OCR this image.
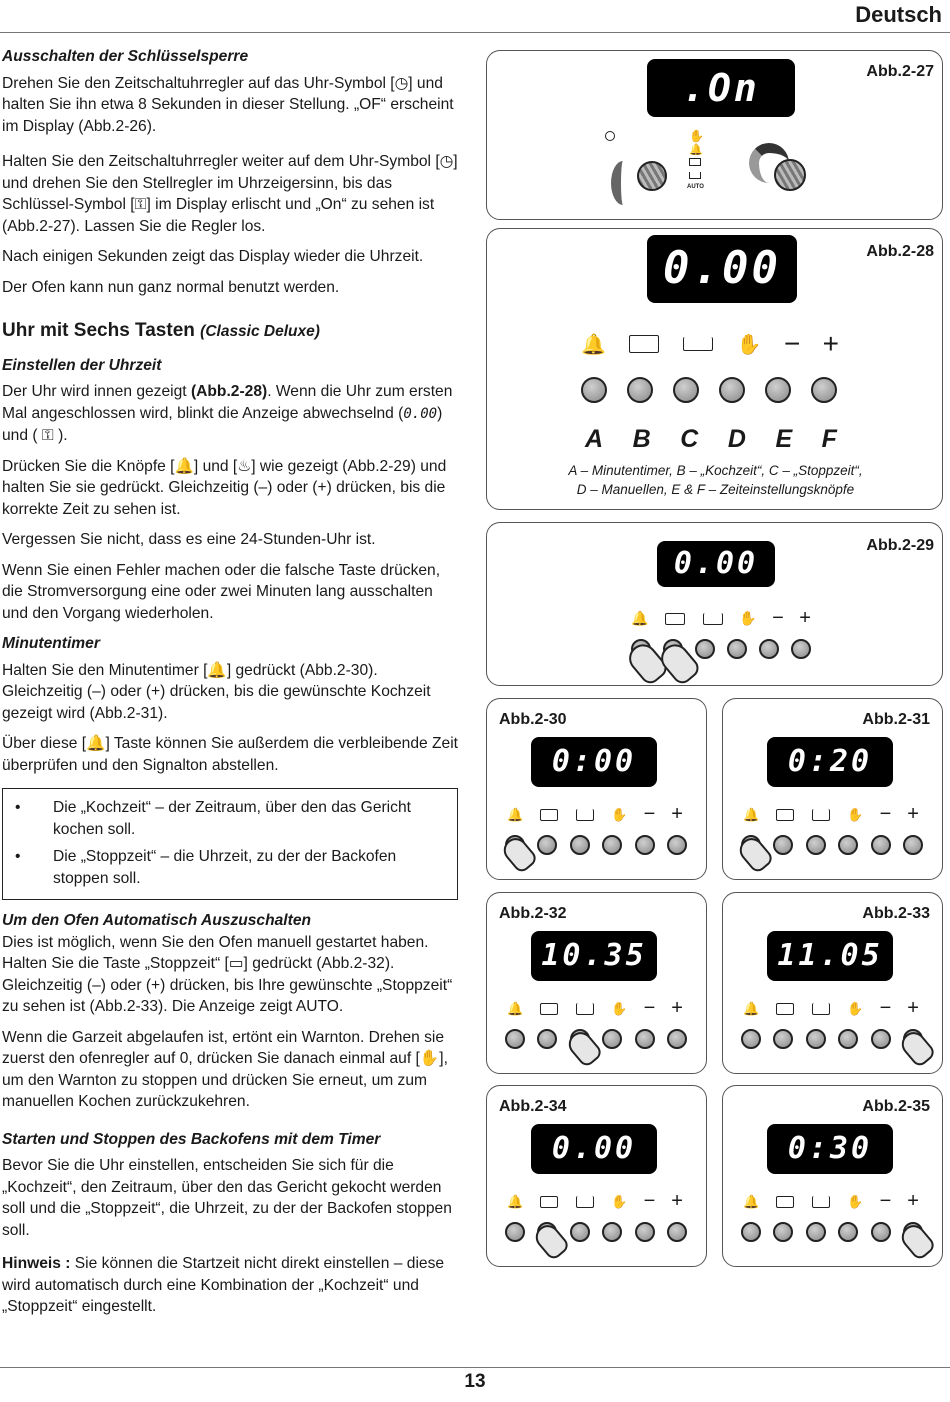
Deutsch
Ausschalten der Schlüsselsperre

Drehen Sie den Zeitschaltuhrregler auf das Uhr-Symbol [◷] und halten Sie ihn etwa 8 Sekunden in dieser Stellung. „OF“ erscheint im Display (Abb.2-26).

Halten Sie den Zeitschaltuhrregler weiter auf dem Uhr-Symbol [◷] und drehen Sie den Stellregler im Uhrzeigersinn, bis das Schlüssel-Symbol [⚿] im Display erlischt und „On“ zu sehen ist (Abb.2-27). Lassen Sie die Regler los.

Nach einigen Sekunden zeigt das Display wieder die Uhrzeit.

Der Ofen kann nun ganz normal benutzt werden.

Uhr mit Sechs Tasten (Classic Deluxe)
Einstellen der Uhrzeit

Der Uhr wird innen gezeigt (Abb.2-28). Wenn die Uhr zum ersten Mal angeschlossen wird, blinkt die Anzeige abwechselnd (0.00) und ( ⚿ ).

Drücken Sie die Knöpfe [🔔] und [♨] wie gezeigt (Abb.2-29) und halten Sie sie gedrückt. Gleichzeitig (–) oder (+) drücken, bis die korrekte Zeit zu sehen ist.

Vergessen Sie nicht, dass es eine 24-Stunden-Uhr ist.

Wenn Sie einen Fehler machen oder die falsche Taste drücken, die Stromversorgung eine oder zwei Minuten lang ausschalten und den Vorgang wiederholen.

Minutentimer

Halten Sie den Minutentimer [🔔] gedrückt (Abb.2-30). Gleichzeitig (–) oder (+) drücken, bis die gewünschte Kochzeit gezeigt wird (Abb.2-31).

Über diese [🔔] Taste können Sie außerdem die verbleibende Zeit überprüfen und den Signalton abstellen.

• Die „Kochzeit“ – der Zeitraum, über den das Gericht kochen soll.
• Die „Stoppzeit“ – die Uhrzeit, zu der der Backofen stoppen soll.
Um den Ofen Automatisch Auszuschalten

Dies ist möglich, wenn Sie den Ofen manuell gestartet haben. Halten Sie die Taste „Stoppzeit“ [▭] gedrückt (Abb.2-32). Gleichzeitig (–) oder (+) drücken, bis Ihre gewünschte „Stoppzeit“ zu sehen ist (Abb.2-33). Die Anzeige zeigt AUTO.

Wenn die Garzeit abgelaufen ist, ertönt ein Warnton. Drehen sie zuerst den ofenregler auf 0, drücken Sie danach einmal auf [✋], um den Warnton zu stoppen und drücken Sie erneut, um zum manuellen Kochen zurückzukehren.

Starten und Stoppen des Backofens mit dem Timer

Bevor Sie die Uhr einstellen, entscheiden Sie sich für die „Kochzeit“, den Zeitraum, über den das Gericht gekocht werden soll und die „Stoppzeit“, die Uhrzeit, zu der der Backofen stoppen soll.

Hinweis : Sie können die Startzeit nicht direkt einstellen – diese wird automatisch durch eine Kombination der „Kochzeit“ und „Stoppzeit“ eingestellt.

Abb.2-27
.On
✋
🔔
AUTO
Abb.2-28
0.00
🔔	✋ − +
A B C D E F
A – Minutentimer, B – „Kochzeit“, C – „Stoppzeit“,
D – Manuellen, E & F – Zeiteinstellungsknöpfe
Abb.2-29
0.00
🔔	✋ − +
Abb.2-30
0:00
🔔	✋ − +
Abb.2-31
0:20
🔔	✋ − +
Abb.2-32
10.35
🔔	✋ − +
Abb.2-33
11.05
🔔	✋ − +
Abb.2-34
0.00
🔔	✋ − +
Abb.2-35
0:30
🔔	✋ − +
13
